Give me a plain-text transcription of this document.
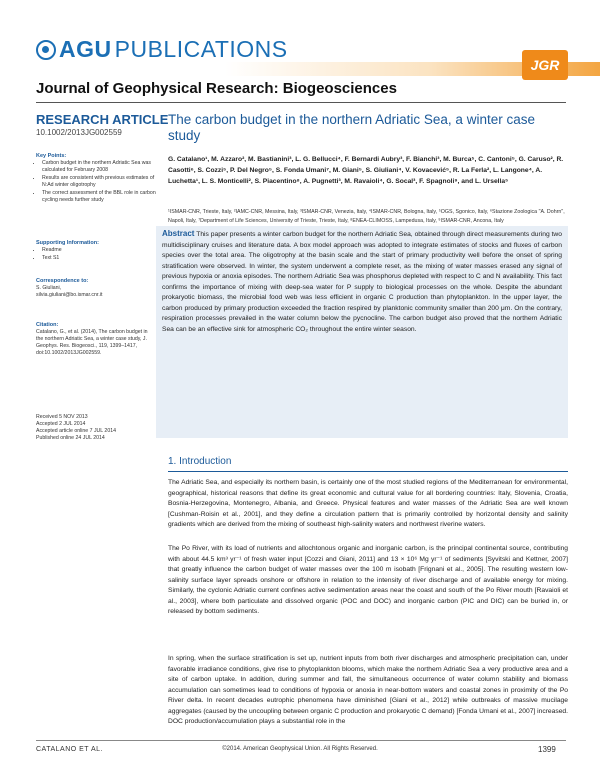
AGU PUBLICATIONS
JGR
Journal of Geophysical Research: Biogeosciences
RESEARCH ARTICLE
10.1002/2013JG002559
Key Points:
• Carbon budget in the northern Adriatic Sea was calculated for February 2008
• Results are consistent with previous estimates of N:Ad winter oligotrophy
• The correct assessment of the BBL role in carbon cycling needs further study
Supporting Information:
• Readme
• Text S1
Correspondence to:
S. Giuliani,
silvia.giuliani@bo.ismar.cnr.it
Citation:
Catalano, G., et al. (2014), The carbon budget in the northern Adriatic Sea, a winter case study, J. Geophys. Res. Biogeosci., 119, 1399–1417, doi:10.1002/2013JG002559.
Received 5 NOV 2013
Accepted 2 JUL 2014
Accepted article online 7 JUL 2014
Published online 24 JUL 2014
The carbon budget in the northern Adriatic Sea, a winter case study
G. Catalano¹, M. Azzaro², M. Bastianini³, L. G. Bellucci⁴, F. Bernardi Aubry³, F. Bianchi³, M. Burca⁵, C. Cantoni⁵, G. Caruso², R. Casotti⁶, S. Cozzi⁵, P. Del Negro⁵, S. Fonda Umani⁷, M. Giani⁵, S. Giuliani⁴, V. Kovacević⁵, R. La Ferla², L. Langone⁴, A. Luchetta¹, L. S. Monticelli², S. Piacentino⁸, A. Pugnetti³, M. Ravaioli⁴, G. Socal³, F. Spagnoli⁹, and L. Ursella⁵
¹ISMAR-CNR, Trieste, Italy, ²IAMC-CNR, Messina, Italy, ³ISMAR-CNR, Venezia, Italy, ⁴ISMAR-CNR, Bologna, Italy, ⁵OGS, Sgonico, Italy, ⁶Stazione Zoologica "A. Dohrn", Napoli, Italy, ⁷Department of Life Sciences, University of Trieste, Trieste, Italy, ⁸ENEA-CLIMOSS, Lampedusa, Italy, ⁹ISMAR-CNR, Ancona, Italy
Abstract This paper presents a winter carbon budget for the northern Adriatic Sea, obtained through direct measurements during two multidisciplinary cruises and literature data. A box model approach was adopted to integrate estimates of stocks and fluxes of carbon species over the total area. The oligotrophy at the basin scale and the start of primary productivity well before the onset of spring stratification were observed. In winter, the system underwent a complete reset, as the mixing of water masses erased any signal of previous hypoxia or anoxia episodes. The northern Adriatic Sea was phosphorus depleted with respect to C and N availability. This fact confirms the importance of mixing with deep-sea water for P supply to biological processes on the whole. Despite the abundant prokaryotic biomass, the microbial food web was less efficient in organic C production than phytoplankton. In the upper layer, the carbon produced by primary production exceeded the fraction respired by planktonic community smaller than 200 μm. On the contrary, respiration processes prevailed in the water column below the pycnocline. The carbon budget also proved that the northern Adriatic Sea can be an effective sink for atmospheric CO₂ throughout the entire winter season.
1. Introduction
The Adriatic Sea, and especially its northern basin, is certainly one of the most studied regions of the Mediterranean for environmental, geographical, historical reasons that define its great economic and cultural value for all bordering countries: Italy, Slovenia, Croatia, Bosnia-Herzegovina, Montenegro, Albania, and Greece. Physical features and water masses of the Adriatic Sea are well known [Cushman-Roisin et al., 2001], and they define a circulation pattern that is primarily controlled by horizontal density and salinity gradients which are derived from the mixing of southeast high-salinity waters and northwest riverine waters.
The Po River, with its load of nutrients and allochtonous organic and inorganic carbon, is the principal continental source, contributing with about 44.5 km³ yr⁻¹ of fresh water input [Cozzi and Giani, 2011] and 13 × 10⁶ Mg yr⁻¹ of sediments [Syvitski and Kettner, 2007] that greatly influence the carbon budget of water masses over the 100 m isobath [Frignani et al., 2005]. The resulting western low-salinity surface layer spreads onshore or offshore in relation to the intensity of river discharge and of available energy for mixing. Similarly, the cyclonic Adriatic current confines active sedimentation areas near the coast and south of the Po River mouth [Ravaioli et al., 2003], where both particulate and dissolved organic (POC and DOC) and inorganic carbon (PIC and DIC) can be buried in, or released by bottom sediments.
In spring, when the surface stratification is set up, nutrient inputs from both river discharges and atmospheric precipitation can, under favorable irradiance conditions, give rise to phytoplankton blooms, which make the northern Adriatic Sea a very productive area and a site of carbon uptake. In addition, during summer and fall, the simultaneous occurrence of water column stability and biomass accumulation can sometimes lead to conditions of hypoxia or anoxia in near-bottom waters and coastal zones in proximity of the Po River delta. In recent decades eutrophic phenomena have diminished [Giani et al., 2012] while outbreaks of massive mucilage aggregates (caused by the uncoupling between organic C production and prokaryotic C demand) [Fonda Umani et al., 2007] increased. DOC production/accumulation plays a substantial role in the
CATALANO ET AL.	©2014. American Geophysical Union. All Rights Reserved.	1399
